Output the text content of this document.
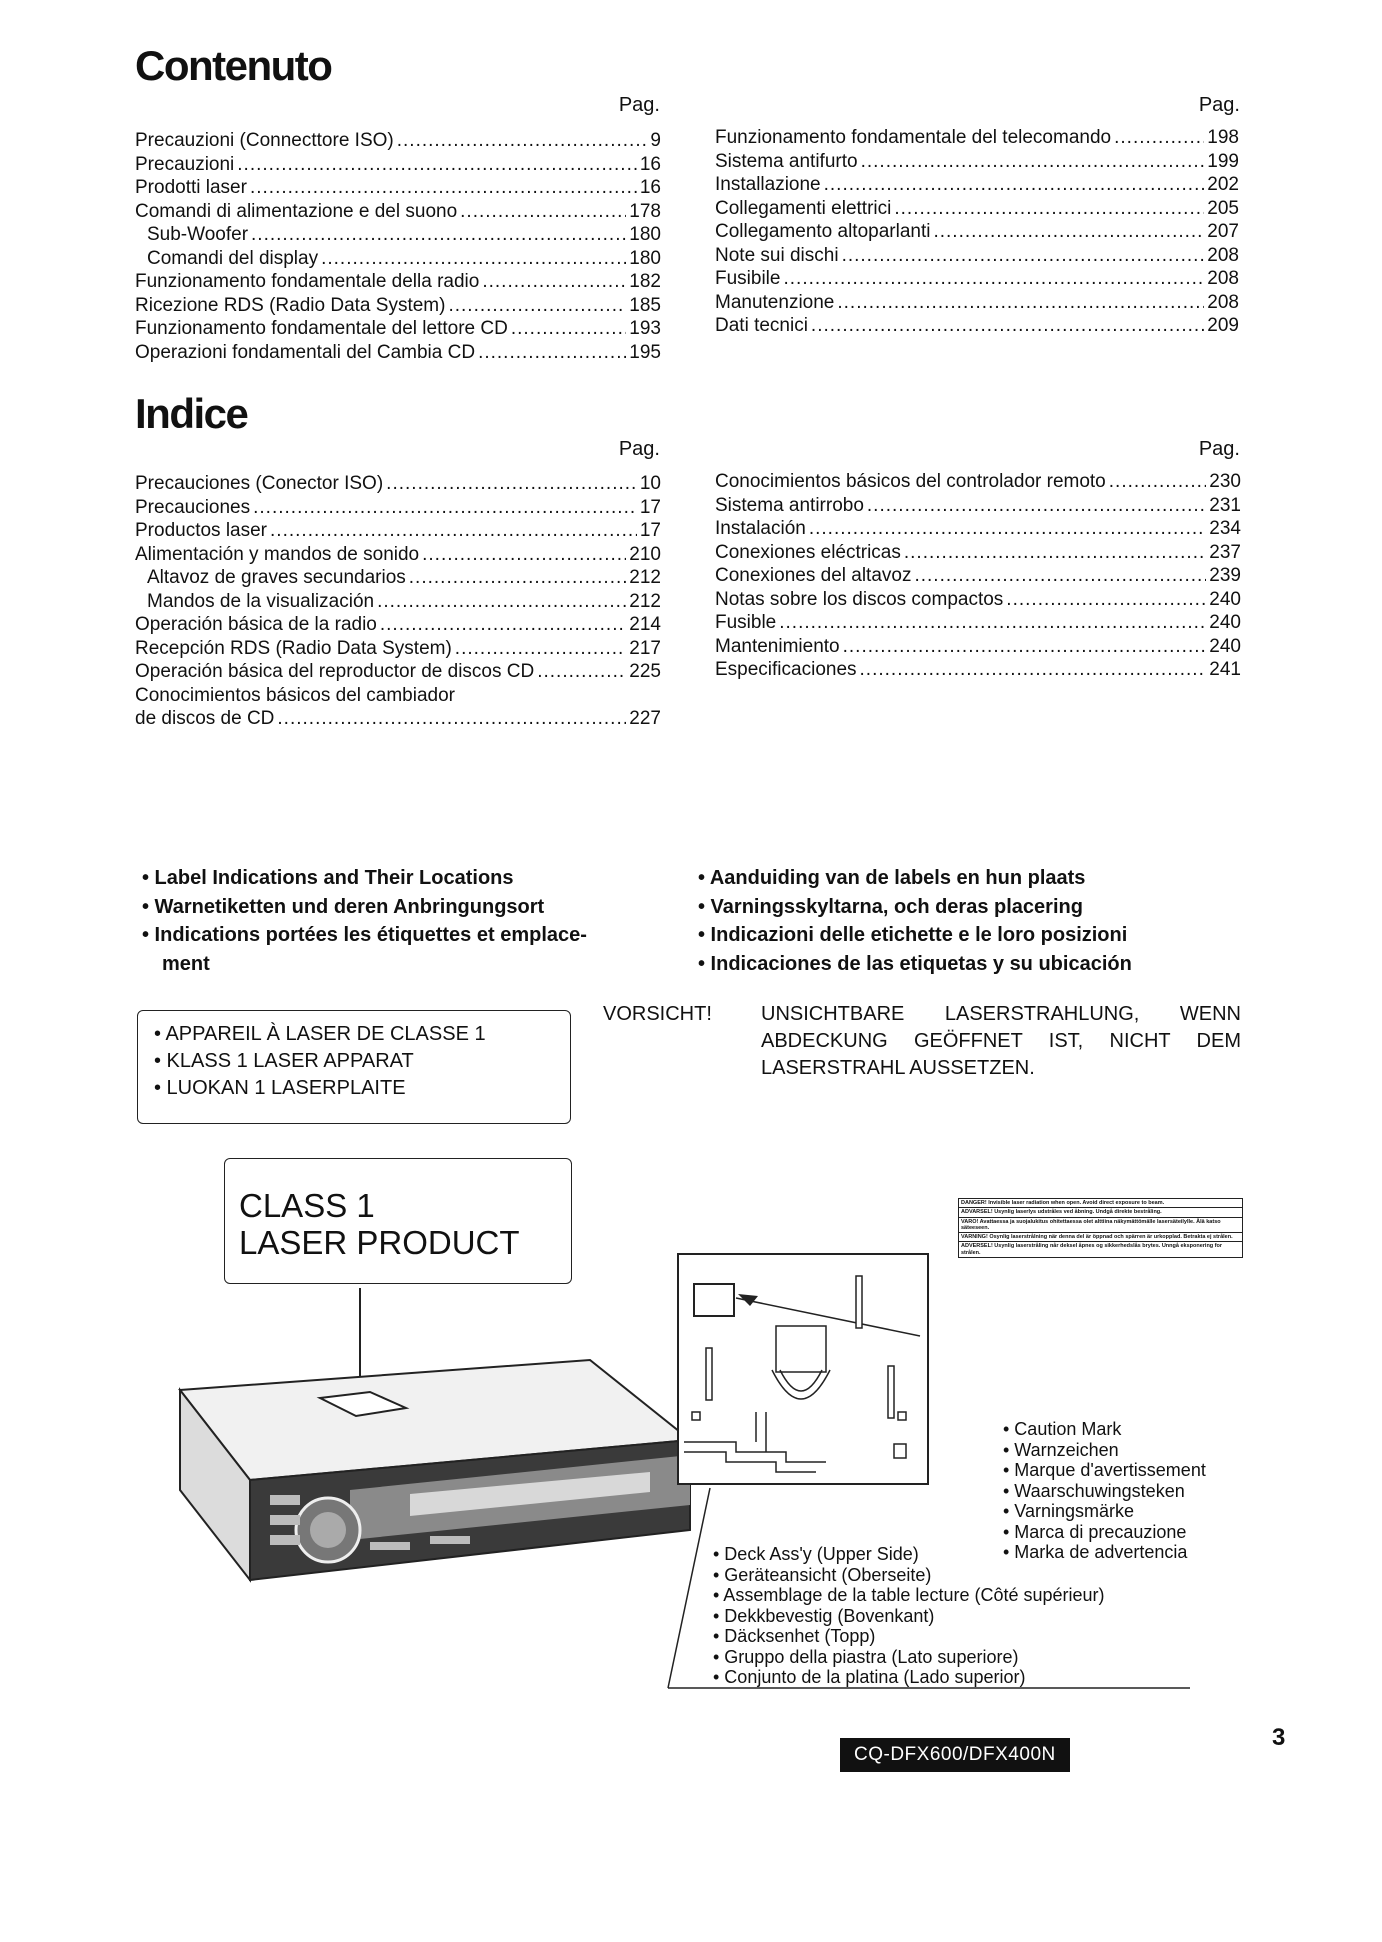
Contenuto
Pag.	Pag.
Precauzioni (Connecttore ISO) .....	9
Precauzioni .....	16
Prodotti laser .....	16
Comandi di alimentazione e del suono .....	178
Sub-Woofer .....	180
Comandi del display .....	180
Funzionamento fondamentale della radio .....	182
Ricezione RDS (Radio Data System) .....	185
Funzionamento fondamentale del lettore CD .....	193
Operazioni fondamentali del Cambia CD .....	195
Funzionamento fondamentale del telecomando .....	198
Sistema antifurto .....	199
Installazione .....	202
Collegamenti elettrici .....	205
Collegamento altoparlanti .....	207
Note sui dischi .....	208
Fusibile .....	208
Manutenzione .....	208
Dati tecnici .....	209
Indice
Pag.	Pag.
Precauciones (Conector ISO) .....	10
Precauciones .....	17
Productos laser .....	17
Alimentación y mandos de sonido .....	210
Altavoz de graves secundarios .....	212
Mandos de la visualización .....	212
Operación básica de la radio .....	214
Recepción RDS (Radio Data System) .....	217
Operación básica del reproductor de discos CD .....	225
Conocimientos básicos del cambiador
de discos de CD .....	227
Conocimientos básicos del controlador remoto .....	230
Sistema antirrobo .....	231
Instalación .....	234
Conexiones eléctricas .....	237
Conexiones del altavoz .....	239
Notas sobre los discos compactos .....	240
Fusible .....	240
Mantenimiento .....	240
Especificaciones .....	241
• Label Indications and Their Locations
• Warnetiketten und deren Anbringungsort
• Indications portées les étiquettes et emplace-
ment
• Aanduiding van de labels en hun plaats
• Varningsskyltarna, och deras placering
• Indicazioni delle etichette e le loro posizioni
• Indicaciones de las etiquetas y su ubicación
• APPAREIL À LASER DE CLASSE 1
• KLASS 1 LASER APPARAT
• LUOKAN 1 LASERPLAITE
VORSICHT! UNSICHTBARE LASERSTRAHLUNG, WENN
ABDECKUNG GEÖFFNET IST, NICHT DEM
LASERSTRAHL AUSSETZEN.
CLASS 1
LASER PRODUCT
DANGER! Invisible laser radiation when open. Avoid direct exposure to beam.
ADVARSEL! Usynlig laserlys udstråles ved åbning. Undgå direkte bestråling.
VARO! Avattaessa ja suojalukitus ohitettaessa olet alttiina näkymättömälle lasersäteilylle. Älä katso säteeseen.
VARNING! Osynlig laserstrålning när denna del är öppnad och spärren är urkopplad. Betrakta ej strålen.
ADVERSEL! Usynlig laserstråling når deksel åpnes og sikkerhedslås brytes. Unngå eksponering for strålen.
• Caution Mark
• Warnzeichen
• Marque d'avertissement
• Waarschuwingsteken
• Varningsmärke
• Marca di precauzione
• Marka de advertencia
• Deck Ass'y (Upper Side)
• Geräteansicht (Oberseite)
• Assemblage de la table lecture (Côté supérieur)
• Dekkbevestig (Bovenkant)
• Däcksenhet (Topp)
• Gruppo della piastra (Lato superiore)
• Conjunto de la platina (Lado superior)
CQ-DFX600/DFX400N
3
